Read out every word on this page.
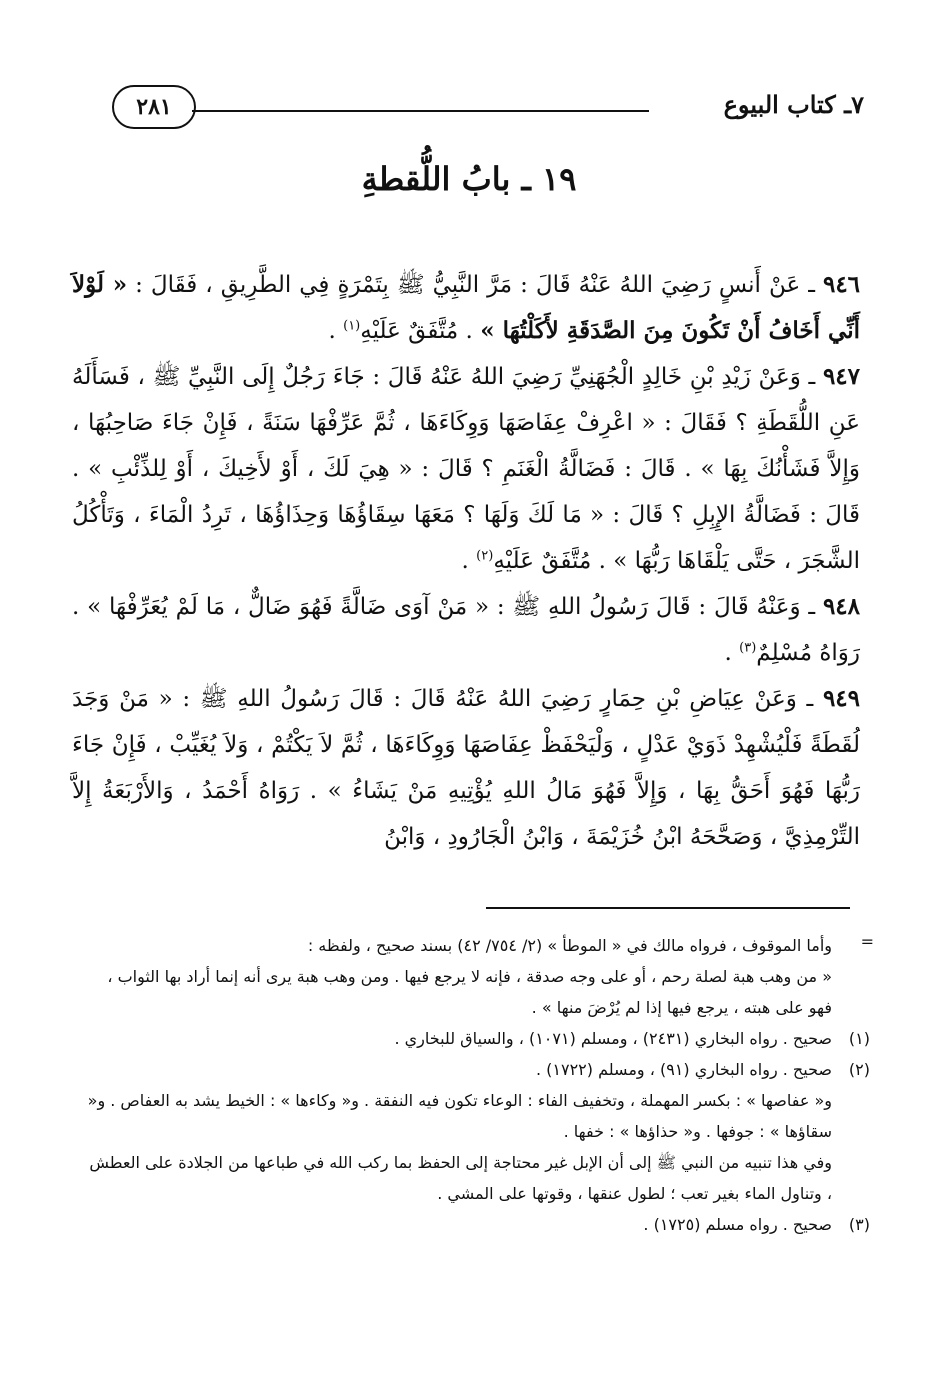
٧ـ كتاب البيوع
٢٨١
١٩ ـ بابُ اللُّقطةِ

٩٤٦ ـ عَنْ أَنسٍ رَضِيَ اللهُ عَنْهُ قَالَ : مَرَّ النَّبِيُّ ﷺ بِتَمْرَةٍ فِي الطَّرِيقِ ، فَقَالَ : « لَوْلاَ أَنِّي أَخَافُ أَنْ تَكُونَ مِنَ الصَّدَقَةِ لأَكَلْتُهَا » . مُتَّفَقٌ عَلَيْهِ$^{(١)}$ .

٩٤٧ ـ وَعَنْ زَيْدِ بْنِ خَالِدٍ الْجُهَنِيِّ رَضِيَ اللهُ عَنْهُ قَالَ : جَاءَ رَجُلٌ إِلَى النَّبِيِّ ﷺ ، فَسَأَلَهُ عَنِ اللُّقَطَةِ ؟ فَقَالَ : « اعْرِفْ عِفَاصَهَا وَوِكَاءَهَا ، ثُمَّ عَرِّفْهَا سَنَةً ، فَإِنْ جَاءَ صَاحِبُهَا ، وَإِلاَّ فَشَأْنُكَ بِهَا » . قَالَ : فَضَالَّةُ الْغَنَمِ ؟ قَالَ : « هِيَ لَكَ ، أَوْ لأَخِيكَ ، أَوْ لِلذِّئْبِ » . قَالَ : فَضَالَّةُ الإِبِلِ ؟ قَالَ : « مَا لَكَ وَلَهَا ؟ مَعَهَا سِقَاؤُهَا وَحِذَاؤُهَا ، تَرِدُ الْمَاءَ ، وَتَأْكُلُ الشَّجَرَ ، حَتَّى يَلْقَاهَا رَبُّهَا » . مُتَّفَقٌ عَلَيْهِ$^{(٢)}$ .

٩٤٨ ـ وَعَنْهُ قَالَ : قَالَ رَسُولُ اللهِ ﷺ : « مَنْ آوَى ضَالَّةً فَهُوَ ضَالٌّ ، مَا لَمْ يُعَرِّفْهَا » . رَوَاهُ مُسْلِمٌ$^{(٣)}$ .

٩٤٩ ـ وَعَنْ عِيَاضِ بْنِ حِمَارٍ رَضِيَ اللهُ عَنْهُ قَالَ : قَالَ رَسُولُ اللهِ ﷺ : « مَنْ وَجَدَ لُقَطَةً فَلْيُشْهِدْ ذَوَيْ عَدْلٍ ، وَلْيَحْفَظْ عِفَاصَهَا وَوِكَاءَهَا ، ثُمَّ لاَ يَكْتُمْ ، وَلاَ يُغَيِّبْ ، فَإِنْ جَاءَ رَبُّهَا فَهُوَ أَحَقُّ بِهَا ، وَإِلاَّ فَهُوَ مَالُ اللهِ يُؤْتِيهِ مَنْ يَشَاءُ » . رَوَاهُ أَحْمَدُ ، وَالأَرْبَعَةُ إِلاَّ التِّرْمِذِيَّ ، وَصَحَّحَهُ ابْنُ خُزَيْمَةَ ، وَابْنُ الْجَارُودِ ، وَابْنُ

=

وأما الموقوف ، فرواه مالك في « الموطأ » (٢/ ٧٥٤/ ٤٢) بسند صحيح ، ولفظه :

« من وهب هبة لصلة رحم ، أو على وجه صدقة ، فإنه لا يرجع فيها . ومن وهب هبة يرى أنه إنما أراد بها الثواب ، فهو على هبته ، يرجع فيها إذا لم يُرْضَ منها » .

(١)صحيح . رواه البخاري (٢٤٣١) ، ومسلم (١٠٧١) ، والسياق للبخاري .

(٢)صحيح . رواه البخاري (٩١) ، ومسلم (١٧٢٢) .

و« عفاصها » : بكسر المهملة ، وتخفيف الفاء : الوعاء تكون فيه النفقة . و« وكاءها » : الخيط يشد به العفاص . و« سقاؤها » : جوفها . و« حذاؤها » : خفها .

وفي هذا تنبيه من النبي ﷺ إلى أن الإبل غير محتاجة إلى الحفظ بما ركب الله في طباعها من الجلادة على العطش ، وتناول الماء بغير تعب ؛ لطول عنقها ، وقوتها على المشي .

(٣)صحيح . رواه مسلم (١٧٢٥) .
